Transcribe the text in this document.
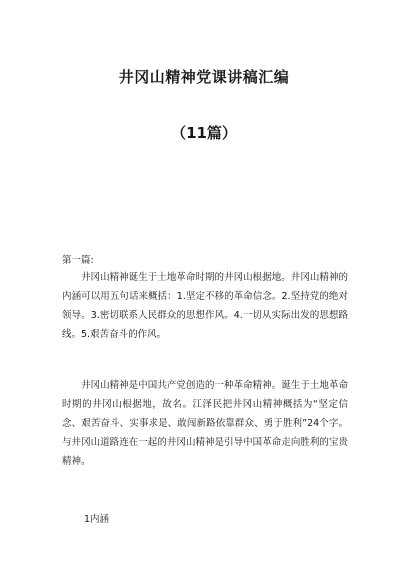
井冈山精神党课讲稿汇编
（11篇）
第一篇:

井冈山精神诞生于土地革命时期的井冈山根据地。井冈山精神的内涵可以用五句话来概括：1.坚定不移的革命信念。2.坚持党的绝对领导。3.密切联系人民群众的思想作风。4.一切从实际出发的思想路线。5.艰苦奋斗的作风。

井冈山精神是中国共产党创造的一种革命精神。诞生于土地革命时期的井冈山根据地，故名。江泽民把井冈山精神概括为“坚定信念、艰苦奋斗、实事求是、敢闯新路依靠群众、勇于胜利”24个字。与井冈山道路连在一起的井冈山精神是引导中国革命走向胜利的宝贵精神。

1内涵
